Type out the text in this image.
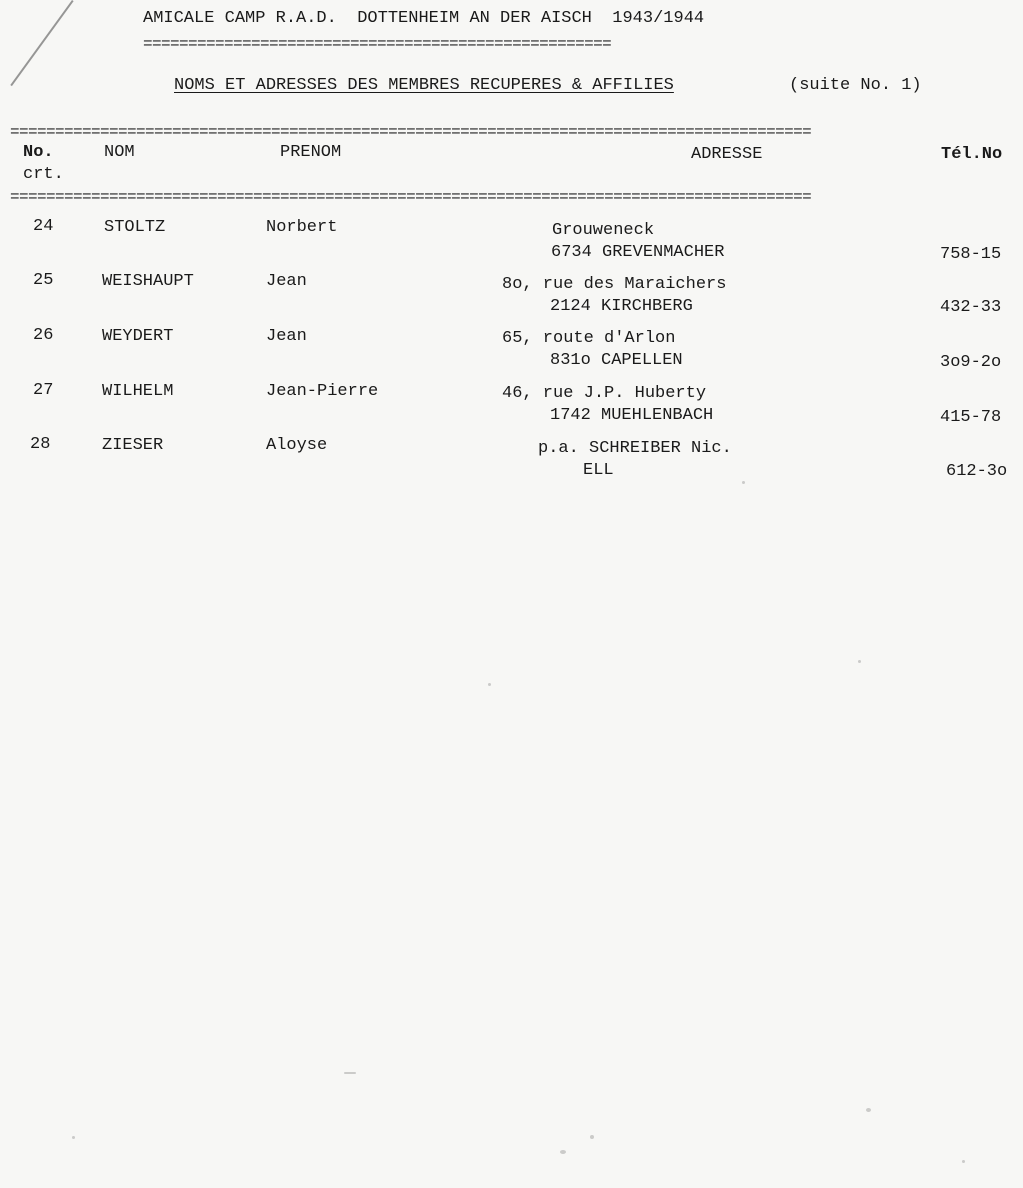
AMICALE CAMP R.A.D.  DOTTENHEIM AN DER AISCH  1943/1944
====================================================
NOMS ET ADRESSES DES MEMBRES RECUPERES & AFFILIES	(suite No. 1)
=========================================================================================
No.
crt.
NOM	PRENOM	ADRESSE	Tél.No
=========================================================================================
24	STOLTZ	Norbert	Grouweneck
6734 GREVENMACHER	758-15
25	WEISHAUPT	Jean	8o, rue des Maraichers
2124 KIRCHBERG	432-33
26	WEYDERT	Jean	65, route d'Arlon
831o CAPELLEN	3o9-2o
27	WILHELM	Jean-Pierre	46, rue J.P. Huberty
1742 MUEHLENBACH	415-78
28	ZIESER	Aloyse	p.a. SCHREIBER Nic.
ELL	612-3o
